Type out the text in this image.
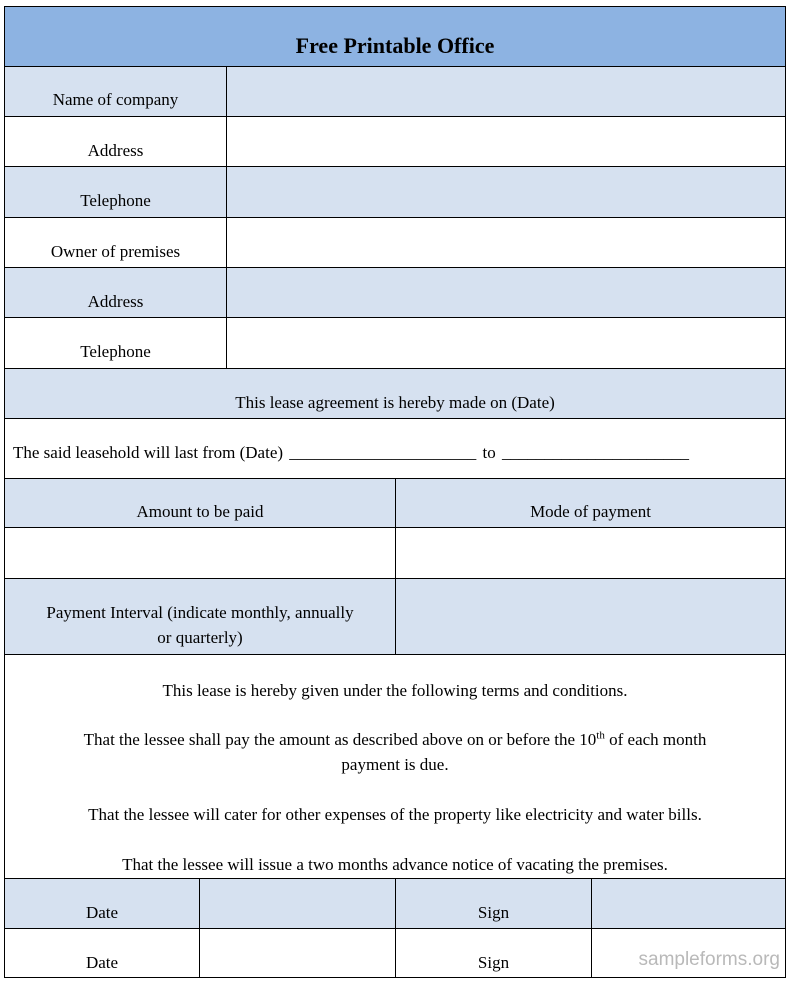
Free Printable Office
Name of company
Address
Telephone
Owner of premises
Address
Telephone
This lease agreement is hereby made on (Date)
The said leasehold will last from (Date) ______________________ to ______________________
Amount to be paid	Mode of payment
Payment Interval (indicate monthly, annually
or quarterly)
This lease is hereby given under the following terms and conditions.
That the lessee shall pay the amount as described above on or before the 10th of each month
payment is due.
That the lessee will cater for other expenses of the property like electricity and water bills.
That the lessee will issue a two months advance notice of vacating the premises.
Date	Sign
Date	Sign	sampleforms.org
